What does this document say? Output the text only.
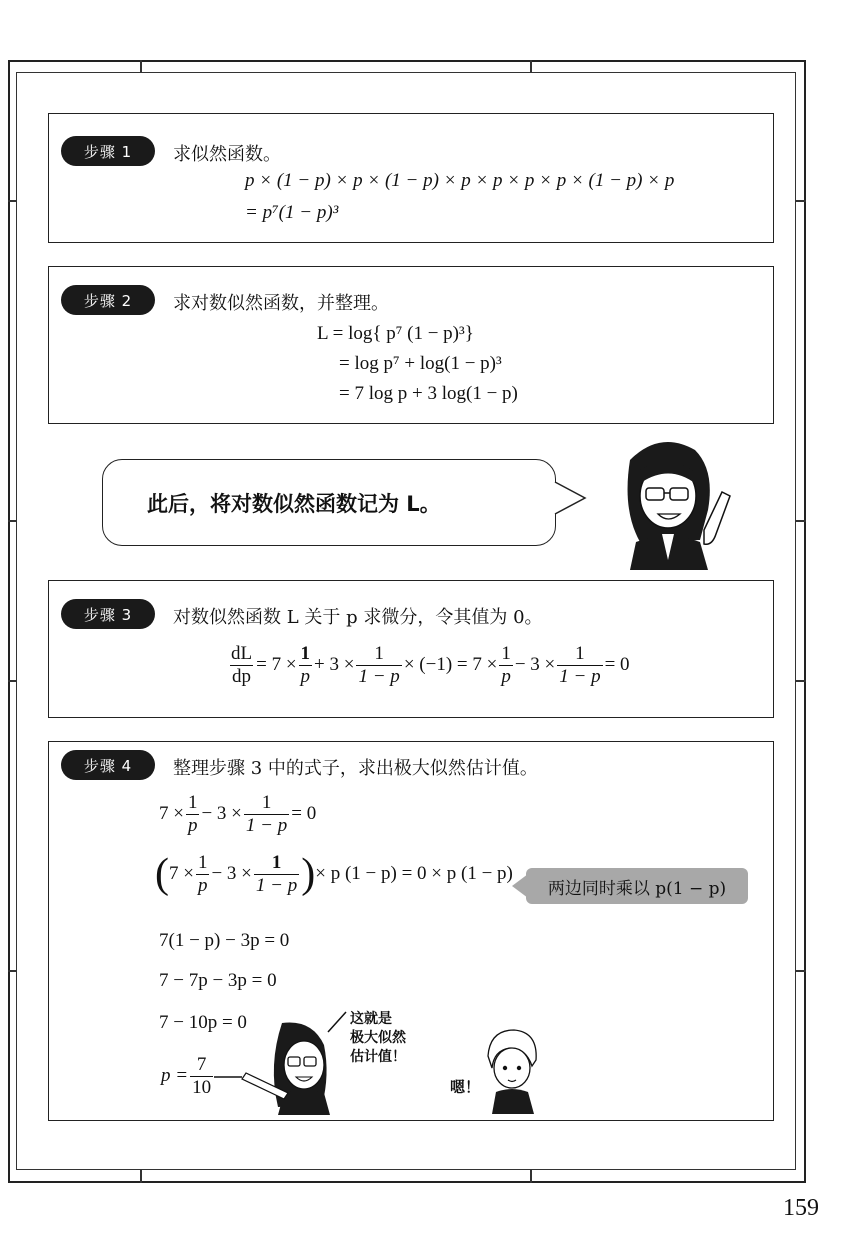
步骤 1	求似然函数。
p × (1 − p) × p × (1 − p) × p × p × p × p × (1 − p) × p
= p⁷(1 − p)³
步骤 2	求对数似然函数，并整理。
L = log{ p⁷ (1 − p)³}
= log p⁷ + log(1 − p)³
= 7 log p + 3 log(1 − p)
此后，将对数似然函数记为 L。
步骤 3	对数似然函数 L 关于 p 求微分，令其值为 0。
$\frac{dL}{dp} = 7 \times \frac{1}{p} + 3 \times \frac{1}{1 - p} \times (-1) = 7 \times \frac{1}{p} - 3 \times \frac{1}{1 - p} = 0$
步骤 4	整理步骤 3 中的式子，求出极大似然估计值。
$7 \times \frac{1}{p} - 3 \times \frac{1}{1 - p} = 0$
( $7 \times \frac{1}{p} - 3 \times \frac{1}{1 - p}$ ) × p (1 − p) = 0 × p (1 − p)
7(1 − p) − 3p = 0
7 − 7p − 3p = 0
7 − 10p = 0
$p = \frac{7}{10}$
两边同时乘以 p(1 − p)
这就是
极大似然
估计值！
嗯！
159
